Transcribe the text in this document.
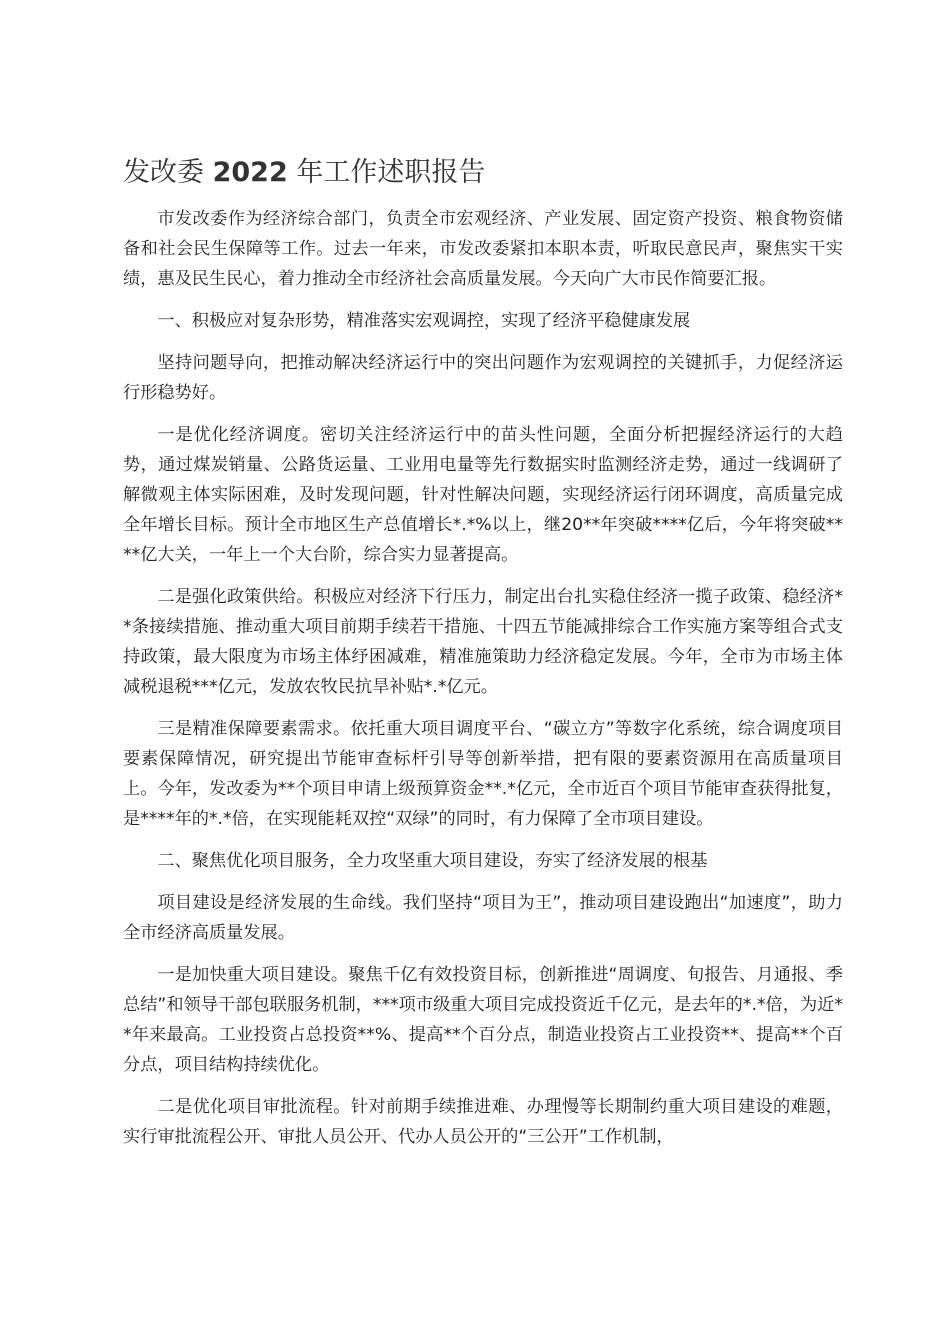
发改委 2022 年工作述职报告

市发改委作为经济综合部门，负责全市宏观经济、产业发展、固定资产投资、粮食物资储备和社会民生保障等工作。过去一年来，市发改委紧扣本职本责，听取民意民声，聚焦实干实绩，惠及民生民心，着力推动全市经济社会高质量发展。今天向广大市民作简要汇报。

一、积极应对复杂形势，精准落实宏观调控，实现了经济平稳健康发展

坚持问题导向，把推动解决经济运行中的突出问题作为宏观调控的关键抓手，力促经济运行形稳势好。

一是优化经济调度。密切关注经济运行中的苗头性问题，全面分析把握经济运行的大趋势，通过煤炭销量、公路货运量、工业用电量等先行数据实时监测经济走势，通过一线调研了解微观主体实际困难，及时发现问题，针对性解决问题，实现经济运行闭环调度，高质量完成全年增长目标。预计全市地区生产总值增长*.*%以上，继20**年突破****亿后，今年将突破****亿大关，一年上一个大台阶，综合实力显著提高。

二是强化政策供给。积极应对经济下行压力，制定出台扎实稳住经济一揽子政策、稳经济**条接续措施、推动重大项目前期手续若干措施、十四五节能减排综合工作实施方案等组合式支持政策，最大限度为市场主体纾困减难，精准施策助力经济稳定发展。今年，全市为市场主体减税退税***亿元，发放农牧民抗旱补贴*.*亿元。

三是精准保障要素需求。依托重大项目调度平台、“碳立方”等数字化系统，综合调度项目要素保障情况，研究提出节能审查标杆引导等创新举措，把有限的要素资源用在高质量项目上。今年，发改委为**个项目申请上级预算资金**.*亿元，全市近百个项目节能审查获得批复，是****年的*.*倍，在实现能耗双控“双绿”的同时，有力保障了全市项目建设。

二、聚焦优化项目服务，全力攻坚重大项目建设，夯实了经济发展的根基

项目建设是经济发展的生命线。我们坚持“项目为王”，推动项目建设跑出“加速度”，助力全市经济高质量发展。

一是加快重大项目建设。聚焦千亿有效投资目标，创新推进“周调度、旬报告、月通报、季总结”和领导干部包联服务机制，***项市级重大项目完成投资近千亿元，是去年的*.*倍，为近**年来最高。工业投资占总投资**%、提高**个百分点，制造业投资占工业投资**、提高**个百分点，项目结构持续优化。

二是优化项目审批流程。针对前期手续推进难、办理慢等长期制约重大项目建设的难题，实行审批流程公开、审批人员公开、代办人员公开的“三公开”工作机制，
